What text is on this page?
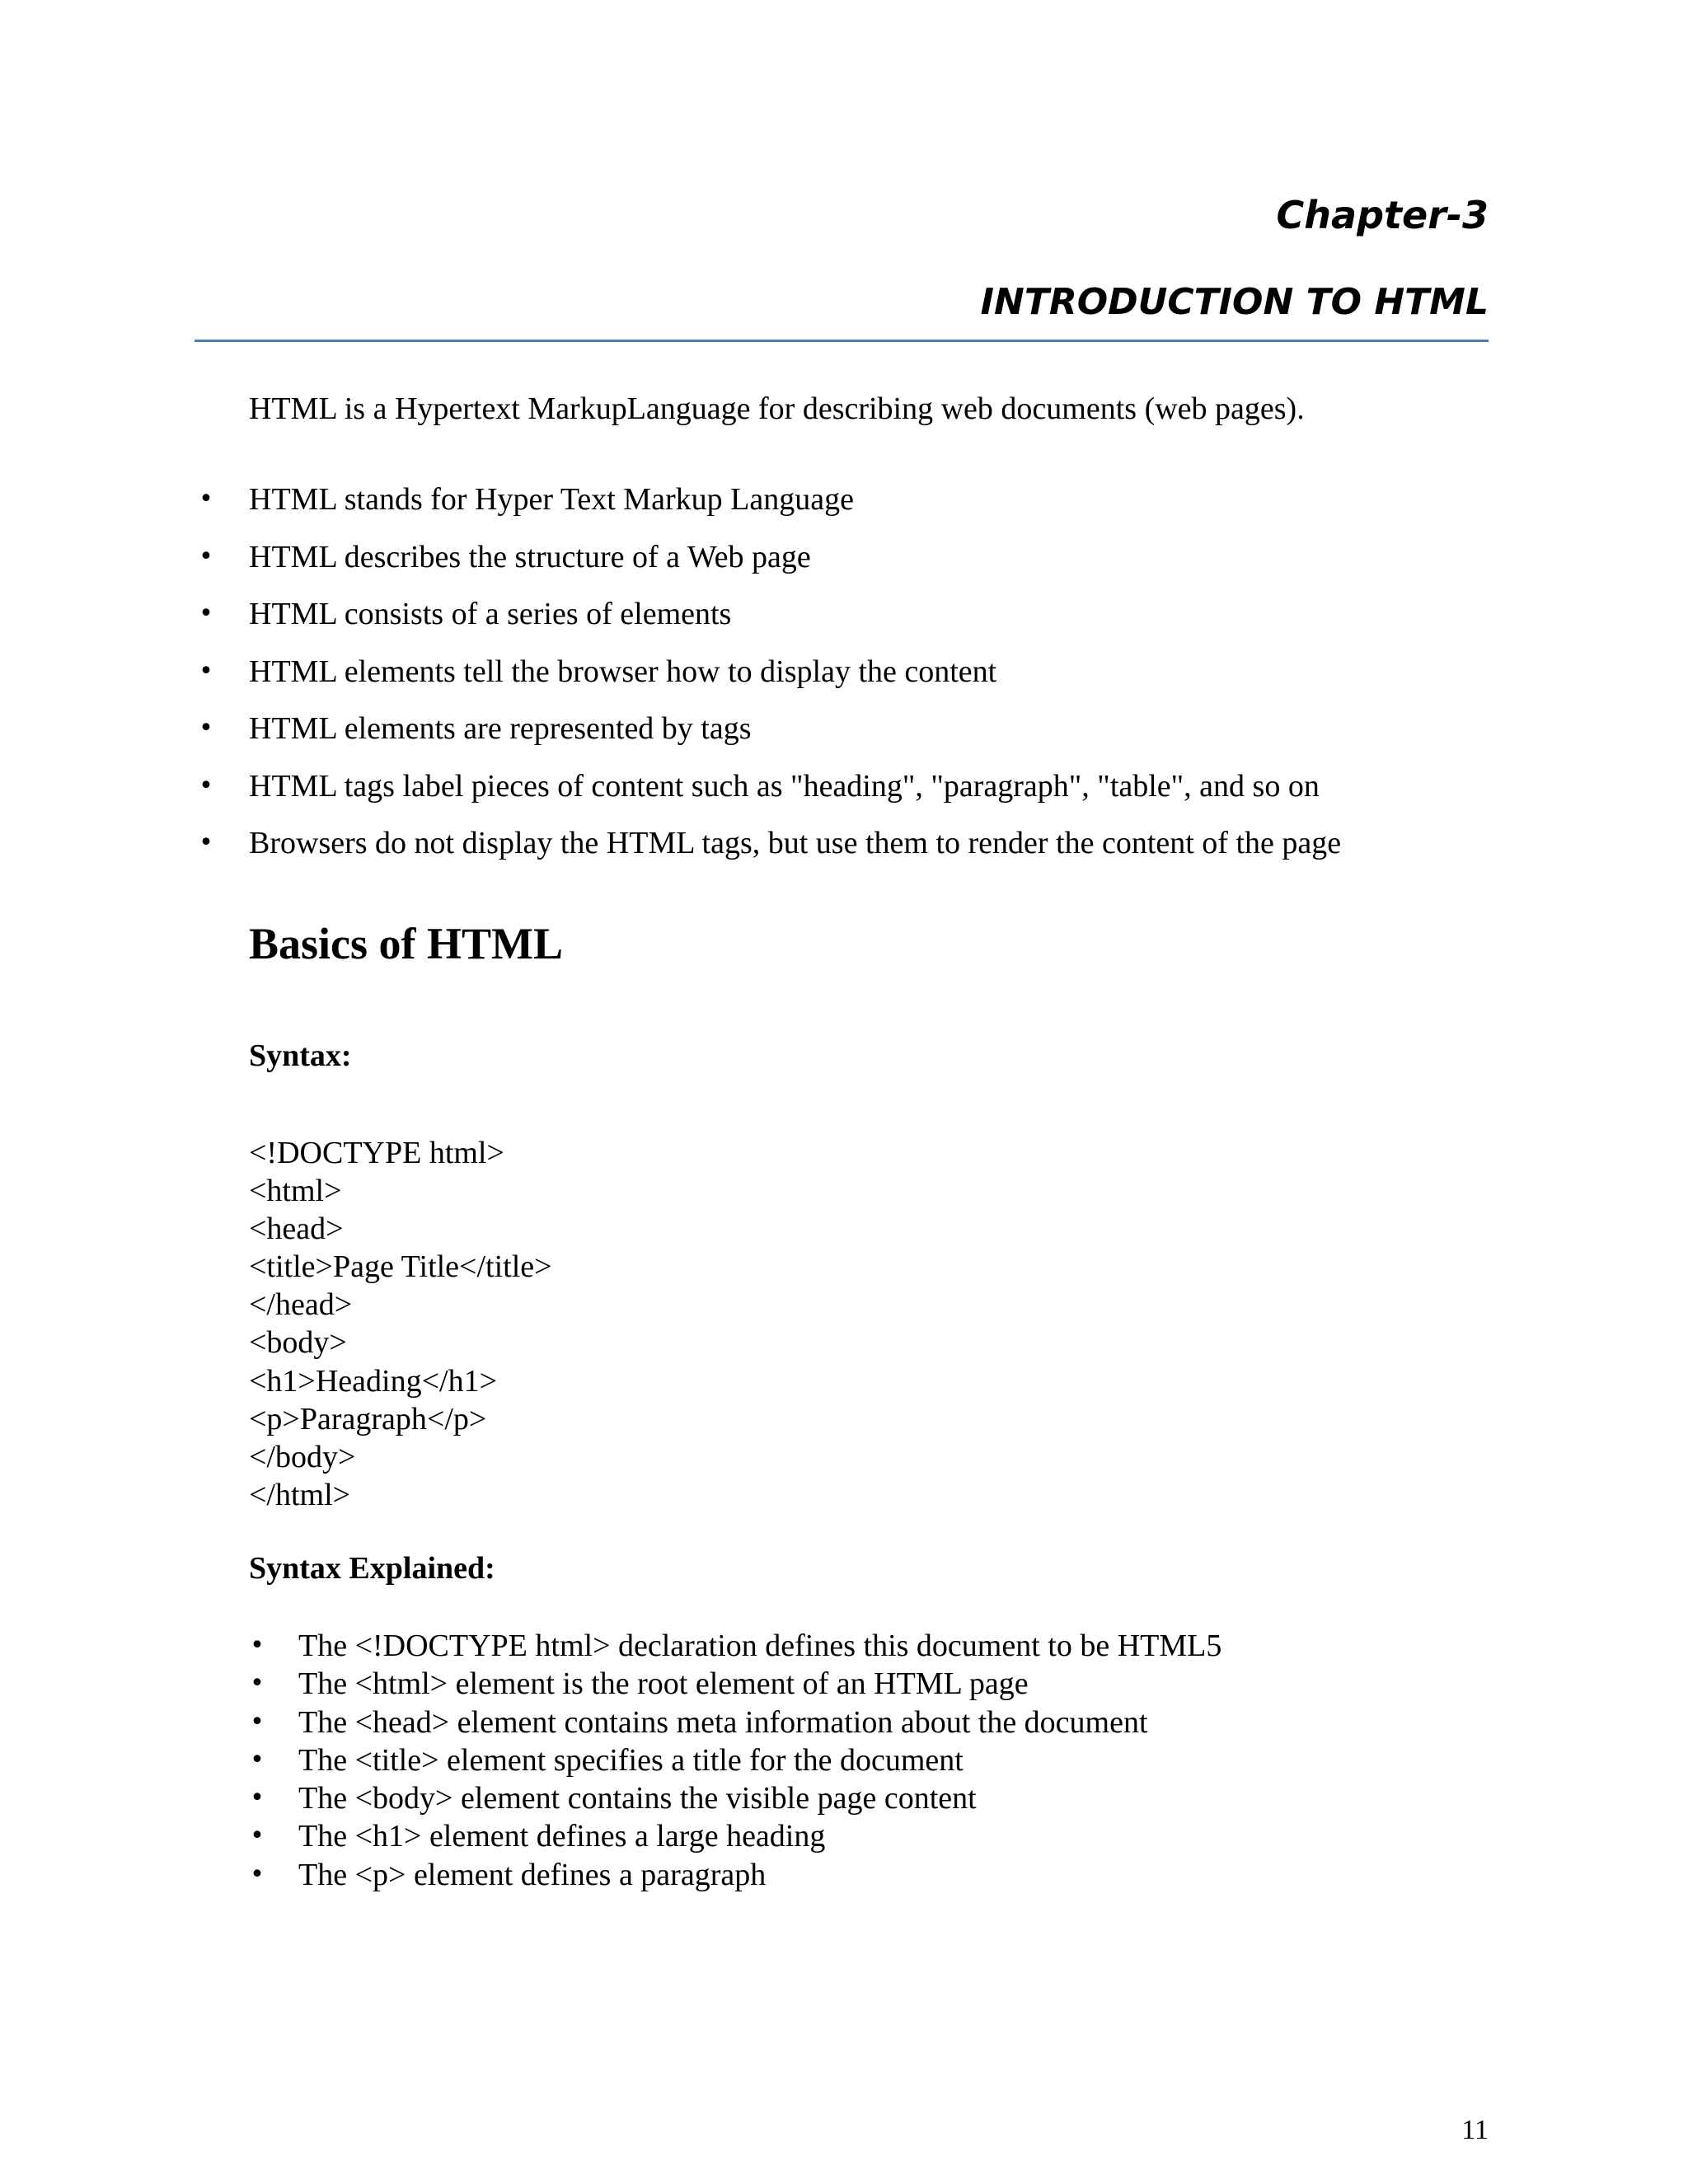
Chapter-3
INTRODUCTION TO HTML

HTML is a Hypertext MarkupLanguage for describing web documents (web pages).

• HTML stands for Hyper Text Markup Language
• HTML describes the structure of a Web page
• HTML consists of a series of elements
• HTML elements tell the browser how to display the content
• HTML elements are represented by tags
• HTML tags label pieces of content such as "heading", "paragraph", "table", and so on
• Browsers do not display the HTML tags, but use them to render the content of the page
Basics of HTML
Syntax:
<!DOCTYPE html>
<html>
<head>
<title>Page Title</title>
</head>
<body>
<h1>Heading</h1>
<p>Paragraph</p>
</body>
</html>
Syntax Explained:
• The <!DOCTYPE html> declaration defines this document to be HTML5
• The <html> element is the root element of an HTML page
• The <head> element contains meta information about the document
• The <title> element specifies a title for the document
• The <body> element contains the visible page content
• The <h1> element defines a large heading
• The <p> element defines a paragraph
11
